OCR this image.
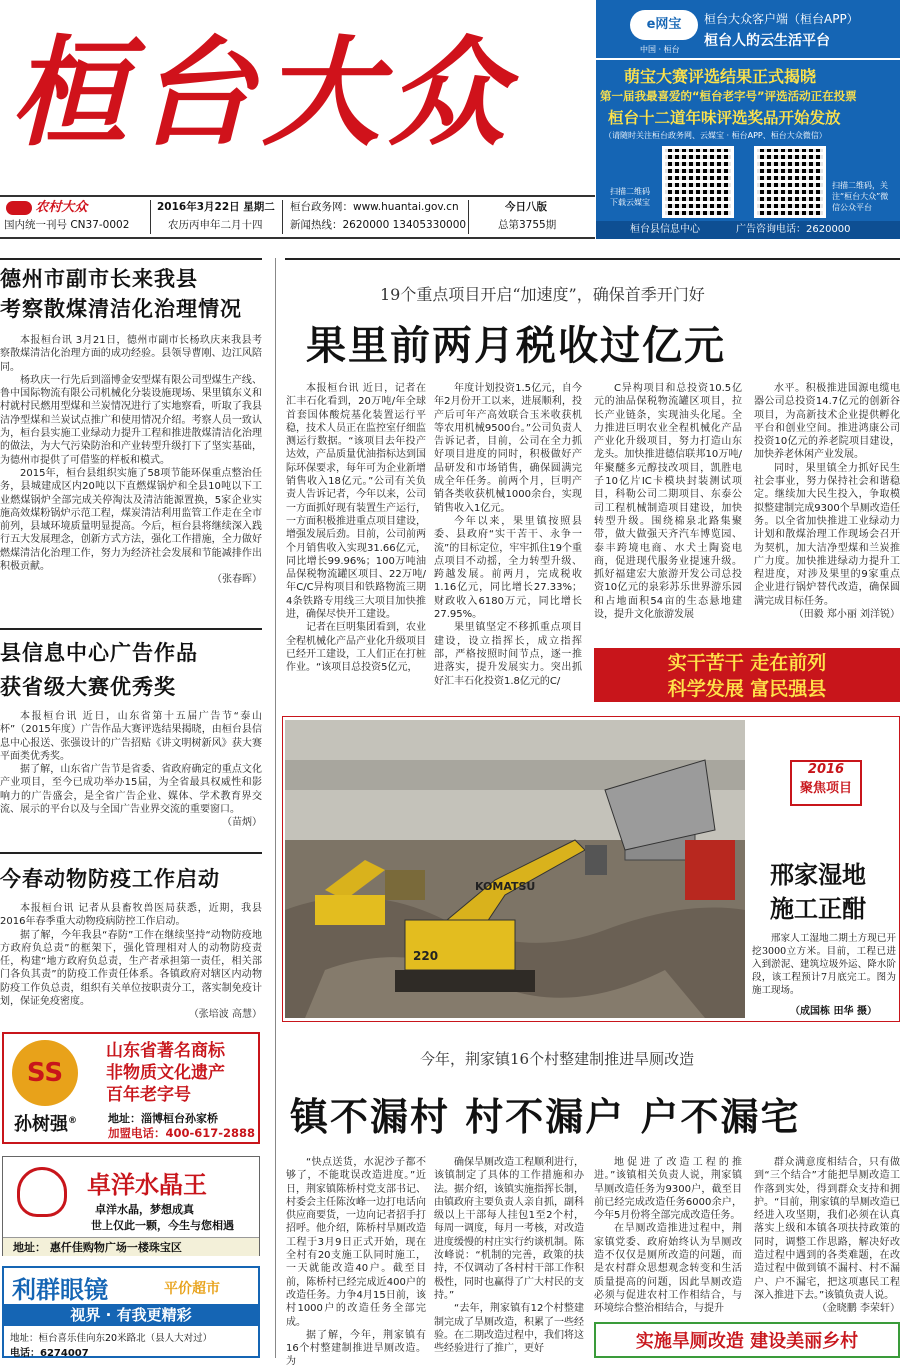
桓台大众
农村大众
国内统一刊号 CN37-0002
2016年3月22日 星期二
农历丙申年二月十四
桓台政务网：www.huantai.gov.cn
新闻热线：2620000 13405330000
今日八版
总第3755期
e网宝
中国 · 桓台
桓台大众客户端（桓台APP）
桓台人的云生活平台
萌宝大赛评选结果正式揭晓
第一届我最喜爱的“桓台老字号”评选活动正在投票
桓台十二道年味评选奖品开始发放
（请随时关注桓台政务网、云媒宝 · 桓台APP、桓台大众微信）
扫描二维码 下载云媒宝
扫描二维码，关注“桓台大众”微信公众平台
桓台县信息中心	广告咨询电话：2620000
德州市副市长来我县
考察散煤清洁化治理情况

本报桓台讯 3月21日，德州市副市长杨玖庆来我县考察散煤清洁化治理方面的成功经验。县领导曹刚、边江风陪同。

杨玖庆一行先后到淄博金安型煤有限公司型煤生产线、鲁中国际物流有限公司机械化分装设施现场、果里镇东义和村就村民燃用型煤和兰炭情况进行了实地察看，听取了我县洁净型煤和兰炭试点推广和使用情况介绍。考察人员一致认为，桓台县实施工业绿动力提升工程和推进散煤清洁化治理的做法，为大气污染防治和产业转型升级打下了坚实基础，为德州市提供了可借鉴的样板和模式。

2015年，桓台县组织实施了58项节能环保重点整治任务，县城建成区内20吨以下直燃煤锅炉和全县10吨以下工业燃煤锅炉全部完成关停淘汰及清洁能源置换，5家企业实施高效煤粉锅炉示范工程，煤炭清洁利用监管工作走在全市前列，县域环境质量明显提高。今后，桓台县将继续深入践行五大发展理念，创新方式方法，强化工作措施，全力做好燃煤清洁化治理工作，努力为经济社会发展和节能减排作出积极贡献。

（张春晖）
县信息中心广告作品
获省级大赛优秀奖

本报桓台讯 近日，山东省第十五届广告节“泰山杯”（2015年度）广告作品大赛评选结果揭晓，由桓台县信息中心报送、张强设计的广告招贴《讲文明树新风》获大赛平面类优秀奖。

据了解，山东省广告节是省委、省政府确定的重点文化产业项目，至今已成功举办15届，为全省最具权威性和影响力的广告盛会，是全省广告企业、媒体、学术教育界交流、展示的平台以及与全国广告业界交流的重要窗口。

（苗炳）
今春动物防疫工作启动

本报桓台讯 记者从县畜牧兽医局获悉，近期，我县2016年春季重大动物疫病防控工作启动。

据了解，今年我县“春防”工作在继续坚持“动物防疫地方政府负总责”的框架下，强化管理相对人的动物防疫责任，构建“地方政府负总责，生产者承担第一责任，相关部门各负其责”的防疫工作责任体系。各镇政府对辖区内动物防疫工作负总责，组织有关单位按职责分工，落实制免疫计划，保证免疫密度。

（张培波 高慧）
SS
孙树强®
山东省著名商标
非物质文化遗产
百年老字号
地址：淄博桓台孙家桥
加盟电话：400-617-2888
卓洋水晶王
卓洋水晶，梦想成真
世上仅此一颗，今生与您相遇
地址： 惠仟佳购物广场一楼珠宝区
利群眼镜	平价超市
视界 · 有我更精彩
地址：桓台喜乐佳向东20米路北（县人大对过）
电话：6274007
19个重点项目开启“加速度”，确保首季开门好
果里前两月税收过亿元

本报桓台讯 近日，记者在汇丰石化看到，20万吨/年全球首套国体酸烷基化装置运行平稳，技术人员正在监控室仔细监测运行数据。“该项目去年投产达效，产品质量优油指标达到国际环保要求，每年可为企业新增销售收入18亿元。”公司有关负责人告诉记者，今年以来，公司一方面抓好现有装置生产运行，一方面积极推进重点项目建设，增强发展后劲。目前，公司前两个月销售收入实现31.66亿元，同比增长99.96%；100万吨油品保税物流罐区项目、22万吨/年C/C异构项目和铁路物流三期4条铁路专用线三大项目加快推进，确保尽快开工建设。

记者在巨明集团看到，农业全程机械化产品产业化升级项目已经开工建设，工人们正在打桩作业。“该项目总投资5亿元，

年度计划投资1.5亿元，自今年2月份开工以来，进展顺利，投产后可年产高效联合玉米收获机等农用机械9500台。”公司负责人告诉记者，目前，公司在全力抓好项目进度的同时，积极做好产品研发和市场销售，确保圆满完成全年任务。前两个月，巨明产销各类收获机械1000余台，实现销售收入1亿元。

今年以来，果里镇按照县委、县政府“实干苦干、永争一流”的目标定位，牢牢抓住19个重点项目不动摇，全力转型升级、跨越发展。前两月，完成税收1.16亿元，同比增长27.33%；财政收入6180万元，同比增长27.95%。

果里镇坚定不移抓重点项目建设，设立指挥长，成立指挥部，严格按照时间节点，逐一推进落实，提升发展实力。突出抓好汇丰石化投资1.8亿元的C/

C异构项目和总投资10.5亿元的油品保税物流罐区项目，拉长产业链条，实现油头化尾。全力推进巨明农业全程机械化产品产业化升级项目，努力打造山东龙头。加快推进德信联邦10万吨/年聚醚多元醇技改项目，凯胜电子10亿片IC卡模块封装测试项目，科勒公司二期项目、东泰公司工程机械制造项目建设，加快转型升级。围绕棉泉北路集聚带，做大做强天齐汽车博览园、泰丰跨境电商、水犬土陶瓷电商，促进现代服务业提速升级。抓好福建宏大旅游开发公司总投资10亿元的泉彩苏乐世界游乐园和占地面积54亩的生态悬地建设，提升文化旅游发展

水平。积极推进国源电缆电器公司总投资14.7亿元的创新谷项目，为高新技术企业提供孵化平台和创业空间。推进鸿康公司投资10亿元的养老院项目建设，加快养老休闲产业发展。

同时，果里镇全力抓好民生社会事业，努力保持社会和谐稳定。继续加大民生投入，争取模拟整建制完成9300个旱厕改造任务。以全省加快推进工业绿动力计划和散煤治理工作现场会召开为契机，加大洁净型煤和兰炭推广力度。加快推进绿动力提升工程进度，对涉及果里的9家重点企业进行锅炉替代改造，确保圆满完成目标任务。

（田毅 郑小丽 刘洋锐）
实干苦干 走在前列
科学发展 富民强县
KOMATSU
220
2016
聚焦项目
邢家湿地
施工正酣
邢家人工湿地二期土方现已开挖3000立方米。目前，工程已进入到淤泥、建筑垃圾外运、降水阶段，该工程预计7月底完工。图为施工现场。
（成国栋 田华 摄）
今年，荆家镇16个村整建制推进旱厕改造
镇不漏村 村不漏户 户不漏宅

“快点送货，水泥沙子都不够了，不能耽误改造进度。”近日，荆家镇陈桥村党支部书记、村委会主任陈汝峰一边打电话向供应商要货，一边向记者招手打招呼。他介绍，陈桥村旱厕改造工程于3月9日正式开始，现在全村有20支施工队同时施工，一天就能改造40户。截至目前，陈桥村已经完成近400户的改造任务。力争4月15日前，该村1000户的改造任务全部完成。

据了解，今年，荆家镇有16个村整建制推进旱厕改造。为

确保旱厕改造工程顺利进行，该镇制定了具体的工作措施和办法。据介绍，该镇实施指挥长制，由镇政府主要负责人亲自抓，副科级以上干部每人挂包1至2个村，每周一调度，每月一考核，对改造进度缓慢的村庄实行约谈机制。陈汝峰说：“机制的完善，政策的扶持，不仅调动了各村村干部工作积极性，同时也赢得了广大村民的支持。”

“去年，荆家镇有12个村整建制完成了旱厕改造，积累了一些经验。在二期改造过程中，我们将这些经验进行了推广，更好

地促进了改造工程的推进。”该镇相关负责人说，荆家镇旱厕改造任务为9300户，截至目前已经完成改造任务6000余户，今年5月份将全部完成改造任务。

在旱厕改造推进过程中，荆家镇党委、政府始终认为旱厕改造不仅仅是厕所改造的问题，而是农村群众思想观念转变和生活质量提高的问题，因此旱厕改造必须与促进农村工作相结合，与环境综合整治相结合，与提升

群众满意度相结合，只有做到“三个结合”才能把旱厕改造工作落到实处，得到群众支持和拥护。“目前，荆家镇的旱厕改造已经进入攻坚期，我们必须在认真落实上级和本镇各项扶持政策的同时，调整工作思路，解决好改造过程中遇到的各类难题，在改造过程中做到镇不漏村、村不漏户、户不漏宅，把这项惠民工程深入推进下去。”该镇负责人说。

（金晓鹏 李荣轩）
实施旱厕改造 建设美丽乡村
